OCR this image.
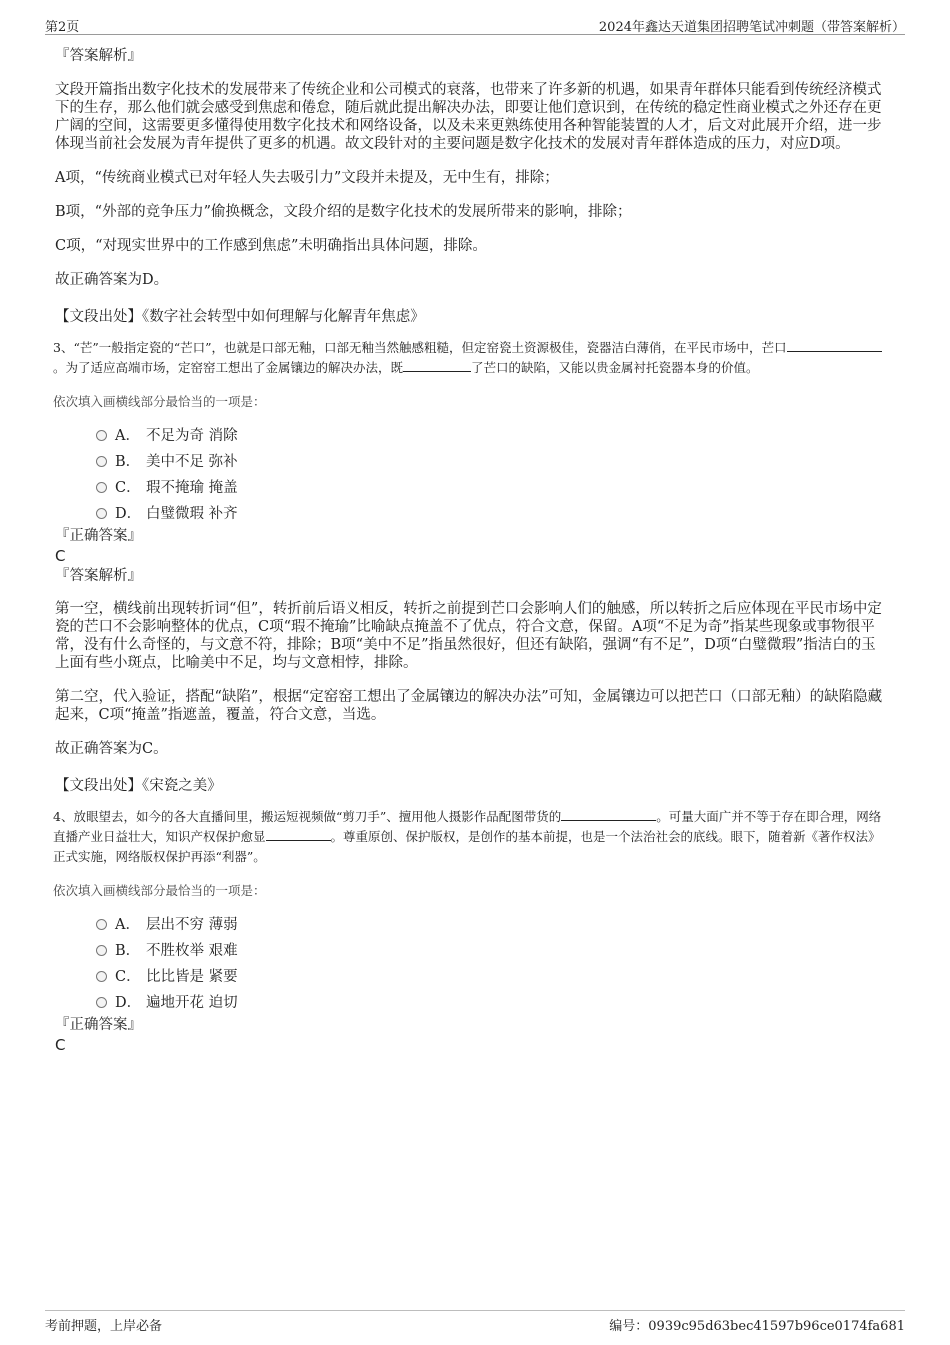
第2页	2024年鑫达天道集团招聘笔试冲刺题（带答案解析）

『答案解析』

文段开篇指出数字化技术的发展带来了传统企业和公司模式的衰落，也带来了许多新的机遇，如果青年群体只能看到传统经济模式下的生存，那么他们就会感受到焦虑和倦怠，随后就此提出解决办法，即要让他们意识到，在传统的稳定性商业模式之外还存在更广阔的空间，这需要更多懂得使用数字化技术和网络设备，以及未来更熟练使用各种智能装置的人才，后文对此展开介绍，进一步体现当前社会发展为青年提供了更多的机遇。故文段针对的主要问题是数字化技术的发展对青年群体造成的压力，对应D项。

A项，“传统商业模式已对年轻人失去吸引力”文段并未提及，无中生有，排除；

B项，“外部的竞争压力”偷换概念，文段介绍的是数字化技术的发展所带来的影响，排除；

C项，“对现实世界中的工作感到焦虑”未明确指出具体问题，排除。

故正确答案为D。

【文段出处】《数字社会转型中如何理解与化解青年焦虑》

3、“芒”一般指定瓷的“芒口”，也就是口部无釉，口部无釉当然触感粗糙，但定窑瓷土资源极佳，瓷器洁白薄俏，在平民市场中，芒口。为了适应高端市场，定窑窑工想出了金属镶边的解决办法，既	了芒口的缺陷，又能以贵金属衬托瓷器本身的价值。

依次填入画横线部分最恰当的一项是：

A． 不足为奇 消除
B． 美中不足 弥补
C． 瑕不掩瑜 掩盖
D． 白璧微瑕 补齐

『正确答案』

C

『答案解析』

第一空，横线前出现转折词“但”，转折前后语义相反，转折之前提到芒口会影响人们的触感，所以转折之后应体现在平民市场中定瓷的芒口不会影响整体的优点，C项“瑕不掩瑜”比喻缺点掩盖不了优点，符合文意，保留。A项“不足为奇”指某些现象或事物很平常，没有什么奇怪的，与文意不符，排除；B项“美中不足”指虽然很好，但还有缺陷，强调“有不足”，D项“白璧微瑕”指洁白的玉上面有些小斑点，比喻美中不足，均与文意相悖，排除。

第二空，代入验证，搭配“缺陷”，根据“定窑窑工想出了金属镶边的解决办法”可知，金属镶边可以把芒口（口部无釉）的缺陷隐藏起来，C项“掩盖”指遮盖，覆盖，符合文意，当选。

故正确答案为C。

【文段出处】《宋瓷之美》

4、放眼望去，如今的各大直播间里，搬运短视频做“剪刀手”、擅用他人摄影作品配图带货的	。可量大面广并不等于存在即合理，网络直播产业日益壮大，知识产权保护愈显	。尊重原创、保护版权，是创作的基本前提，也是一个法治社会的底线。眼下，随着新《著作权法》正式实施，网络版权保护再添“利器”。

依次填入画横线部分最恰当的一项是：

A． 层出不穷 薄弱
B． 不胜枚举 艰难
C． 比比皆是 紧要
D． 遍地开花 迫切

『正确答案』

C

考前押题，上岸必备	编号：0939c95d63bec41597b96ce0174fa681
